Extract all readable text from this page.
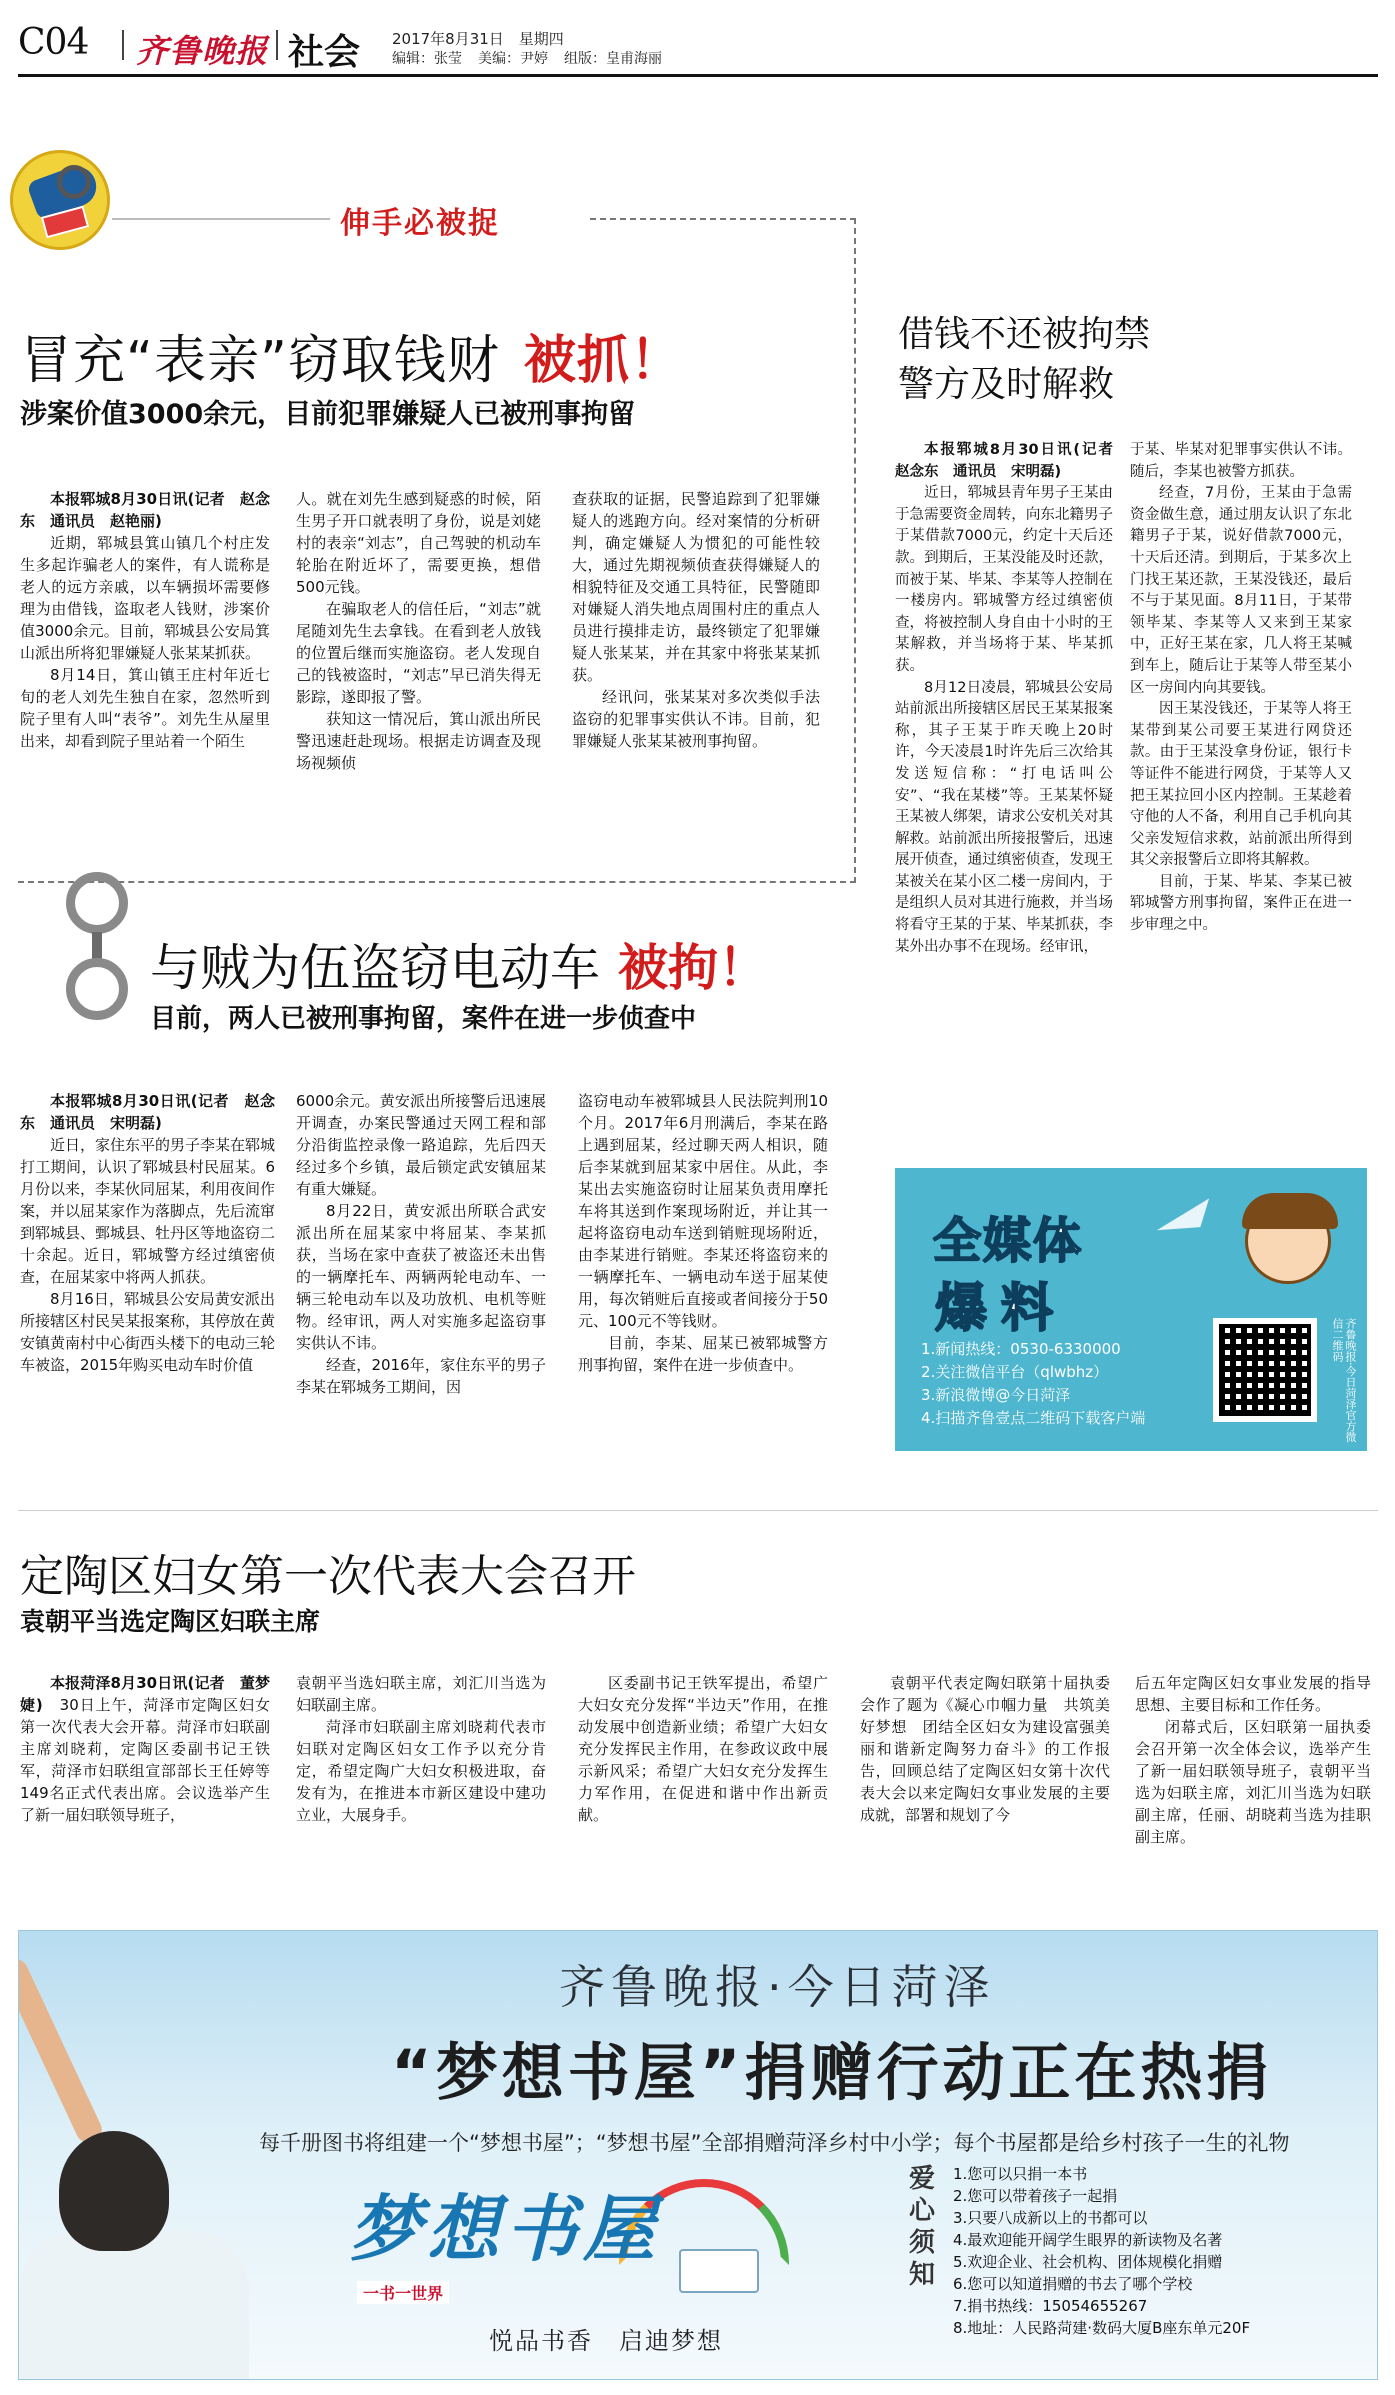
C04 齐鲁晚报 社会 2017年8月31日　星期四
编辑：张莹 美编：尹婷 组版：皇甫海丽
伸手必被捉
冒充“表亲”窃取钱财 被抓！
涉案价值3000余元，目前犯罪嫌疑人已被刑事拘留

本报郓城8月30日讯(记者　赵念东　通讯员　赵艳丽)

近期，郓城县箕山镇几个村庄发生多起诈骗老人的案件，有人谎称是老人的远方亲戚，以车辆损坏需要修理为由借钱，盗取老人钱财，涉案价值3000余元。目前，郓城县公安局箕山派出所将犯罪嫌疑人张某某抓获。

8月14日，箕山镇王庄村年近七旬的老人刘先生独自在家，忽然听到院子里有人叫“表爷”。刘先生从屋里出来，却看到院子里站着一个陌生

人。就在刘先生感到疑惑的时候，陌生男子开口就表明了身份，说是刘姥村的表亲“刘志”，自己驾驶的机动车轮胎在附近坏了，需要更换，想借500元钱。

在骗取老人的信任后，“刘志”就尾随刘先生去拿钱。在看到老人放钱的位置后继而实施盗窃。老人发现自己的钱被盗时，“刘志”早已消失得无影踪，遂即报了警。

获知这一情况后，箕山派出所民警迅速赶赴现场。根据走访调查及现场视频侦

查获取的证据，民警追踪到了犯罪嫌疑人的逃跑方向。经对案情的分析研判，确定嫌疑人为惯犯的可能性较大，通过先期视频侦查获得嫌疑人的相貌特征及交通工具特征，民警随即对嫌疑人消失地点周围村庄的重点人员进行摸排走访，最终锁定了犯罪嫌疑人张某某，并在其家中将张某某抓获。

经讯问，张某某对多次类似手法盗窃的犯罪事实供认不讳。目前，犯罪嫌疑人张某某被刑事拘留。

与贼为伍盗窃电动车 被拘！
目前，两人已被刑事拘留，案件在进一步侦查中

本报郓城8月30日讯(记者　赵念东　通讯员　宋明磊)

近日，家住东平的男子李某在郓城打工期间，认识了郓城县村民屈某。6月份以来，李某伙同屈某，利用夜间作案，并以屈某家作为落脚点，先后流窜到郓城县、鄄城县、牡丹区等地盗窃二十余起。近日，郓城警方经过缜密侦查，在屈某家中将两人抓获。

8月16日，郓城县公安局黄安派出所接辖区村民吴某报案称，其停放在黄安镇黄南村中心街西头楼下的电动三轮车被盗，2015年购买电动车时价值

6000余元。黄安派出所接警后迅速展开调查，办案民警通过天网工程和部分沿街监控录像一路追踪，先后四天经过多个乡镇，最后锁定武安镇屈某有重大嫌疑。

8月22日，黄安派出所联合武安派出所在屈某家中将屈某、李某抓获，当场在家中查获了被盗还未出售的一辆摩托车、两辆两轮电动车、一辆三轮电动车以及功放机、电机等赃物。经审讯，两人对实施多起盗窃事实供认不讳。

经查，2016年，家住东平的男子李某在郓城务工期间，因

盗窃电动车被郓城县人民法院判刑10个月。2017年6月刑满后，李某在路上遇到屈某，经过聊天两人相识，随后李某就到屈某家中居住。从此，李某出去实施盗窃时让屈某负责用摩托车将其送到作案现场附近，并让其一起将盗窃电动车送到销赃现场附近，由李某进行销赃。李某还将盗窃来的一辆摩托车、一辆电动车送于屈某使用，每次销赃后直接或者间接分于50元、100元不等钱财。

目前，李某、屈某已被郓城警方刑事拘留，案件在进一步侦查中。

借钱不还被拘禁
警方及时解救

本报郓城8月30日讯(记者　赵念东　通讯员　宋明磊)

近日，郓城县青年男子王某由于急需要资金周转，向东北籍男子于某借款7000元，约定十天后还款。到期后，王某没能及时还款，而被于某、毕某、李某等人控制在一楼房内。郓城警方经过缜密侦查，将被控制人身自由十小时的王某解救，并当场将于某、毕某抓获。

8月12日凌晨，郓城县公安局站前派出所接辖区居民王某某报案称，其子王某于昨天晚上20时许，今天凌晨1时许先后三次给其发送短信称：“打电话叫公安”、“我在某楼”等。王某某怀疑王某被人绑架，请求公安机关对其解救。站前派出所接报警后，迅速展开侦查，通过缜密侦查，发现王某被关在某小区二楼一房间内，于是组织人员对其进行施救，并当场将看守王某的于某、毕某抓获，李某外出办事不在现场。经审讯，

于某、毕某对犯罪事实供认不讳。随后，李某也被警方抓获。

经查，7月份，王某由于急需资金做生意，通过朋友认识了东北籍男子于某，说好借款7000元，十天后还清。到期后，于某多次上门找王某还款，王某没钱还，最后不与于某见面。8月11日，于某带领毕某、李某等人又来到王某家中，正好王某在家，几人将王某喊到车上，随后让于某等人带至某小区一房间内向其要钱。

因王某没钱还，于某等人将王某带到某公司要王某进行网贷还款。由于王某没拿身份证，银行卡等证件不能进行网贷，于某等人又把王某拉回小区内控制。王某趁着守他的人不备，利用自己手机向其父亲发短信求救，站前派出所得到其父亲报警后立即将其解救。

目前，于某、毕某、李某已被郓城警方刑事拘留，案件正在进一步审理之中。

全媒体
爆料
1.新闻热线：0530-6330000
2.关注微信平台（qlwbhz）
3.新浪微博@今日菏泽
4.扫描齐鲁壹点二维码下载客户端	齐鲁晚报·今日菏泽官方微信二维码
定陶区妇女第一次代表大会召开
袁朝平当选定陶区妇联主席

本报菏泽8月30日讯(记者　董梦婕)　 30日上午，菏泽市定陶区妇女第一次代表大会开幕。菏泽市妇联副主席刘晓莉，定陶区委副书记王铁军，菏泽市妇联组宣部部长王任婷等149名正式代表出席。会议选举产生了新一届妇联领导班子，

袁朝平当选妇联主席，刘汇川当选为妇联副主席。

菏泽市妇联副主席刘晓莉代表市妇联对定陶区妇女工作予以充分肯定，希望定陶广大妇女积极进取，奋发有为，在推进本市新区建设中建功立业，大展身手。

区委副书记王铁军提出，希望广大妇女充分发挥“半边天”作用，在推动发展中创造新业绩；希望广大妇女充分发挥民主作用，在参政议政中展示新风采；希望广大妇女充分发挥生力军作用，在促进和谐中作出新贡献。

袁朝平代表定陶妇联第十届执委会作了题为《凝心巾帼力量　共筑美好梦想　团结全区妇女为建设富强美丽和谐新定陶努力奋斗》的工作报告，回顾总结了定陶区妇女第十次代表大会以来定陶妇女事业发展的主要成就，部署和规划了今

后五年定陶区妇女事业发展的指导思想、主要目标和工作任务。

闭幕式后，区妇联第一届执委会召开第一次全体会议，选举产生了新一届妇联领导班子，袁朝平当选为妇联主席，刘汇川当选为妇联副主席，任丽、胡晓莉当选为挂职副主席。

齐鲁晚报·今日菏泽
“梦想书屋”捐赠行动正在热捐
每千册图书将组建一个“梦想书屋”；“梦想书屋”全部捐赠菏泽乡村中小学；每个书屋都是给乡村孩子一生的礼物
梦想书屋
一书一世界
悦品书香　启迪梦想
爱心须知
1.您可以只捐一本书
2.您可以带着孩子一起捐
3.只要八成新以上的书都可以
4.最欢迎能开阔学生眼界的新读物及名著
5.欢迎企业、社会机构、团体规模化捐赠
6.您可以知道捐赠的书去了哪个学校
7.捐书热线：15054655267
8.地址：人民路菏建·数码大厦B座东单元20F
